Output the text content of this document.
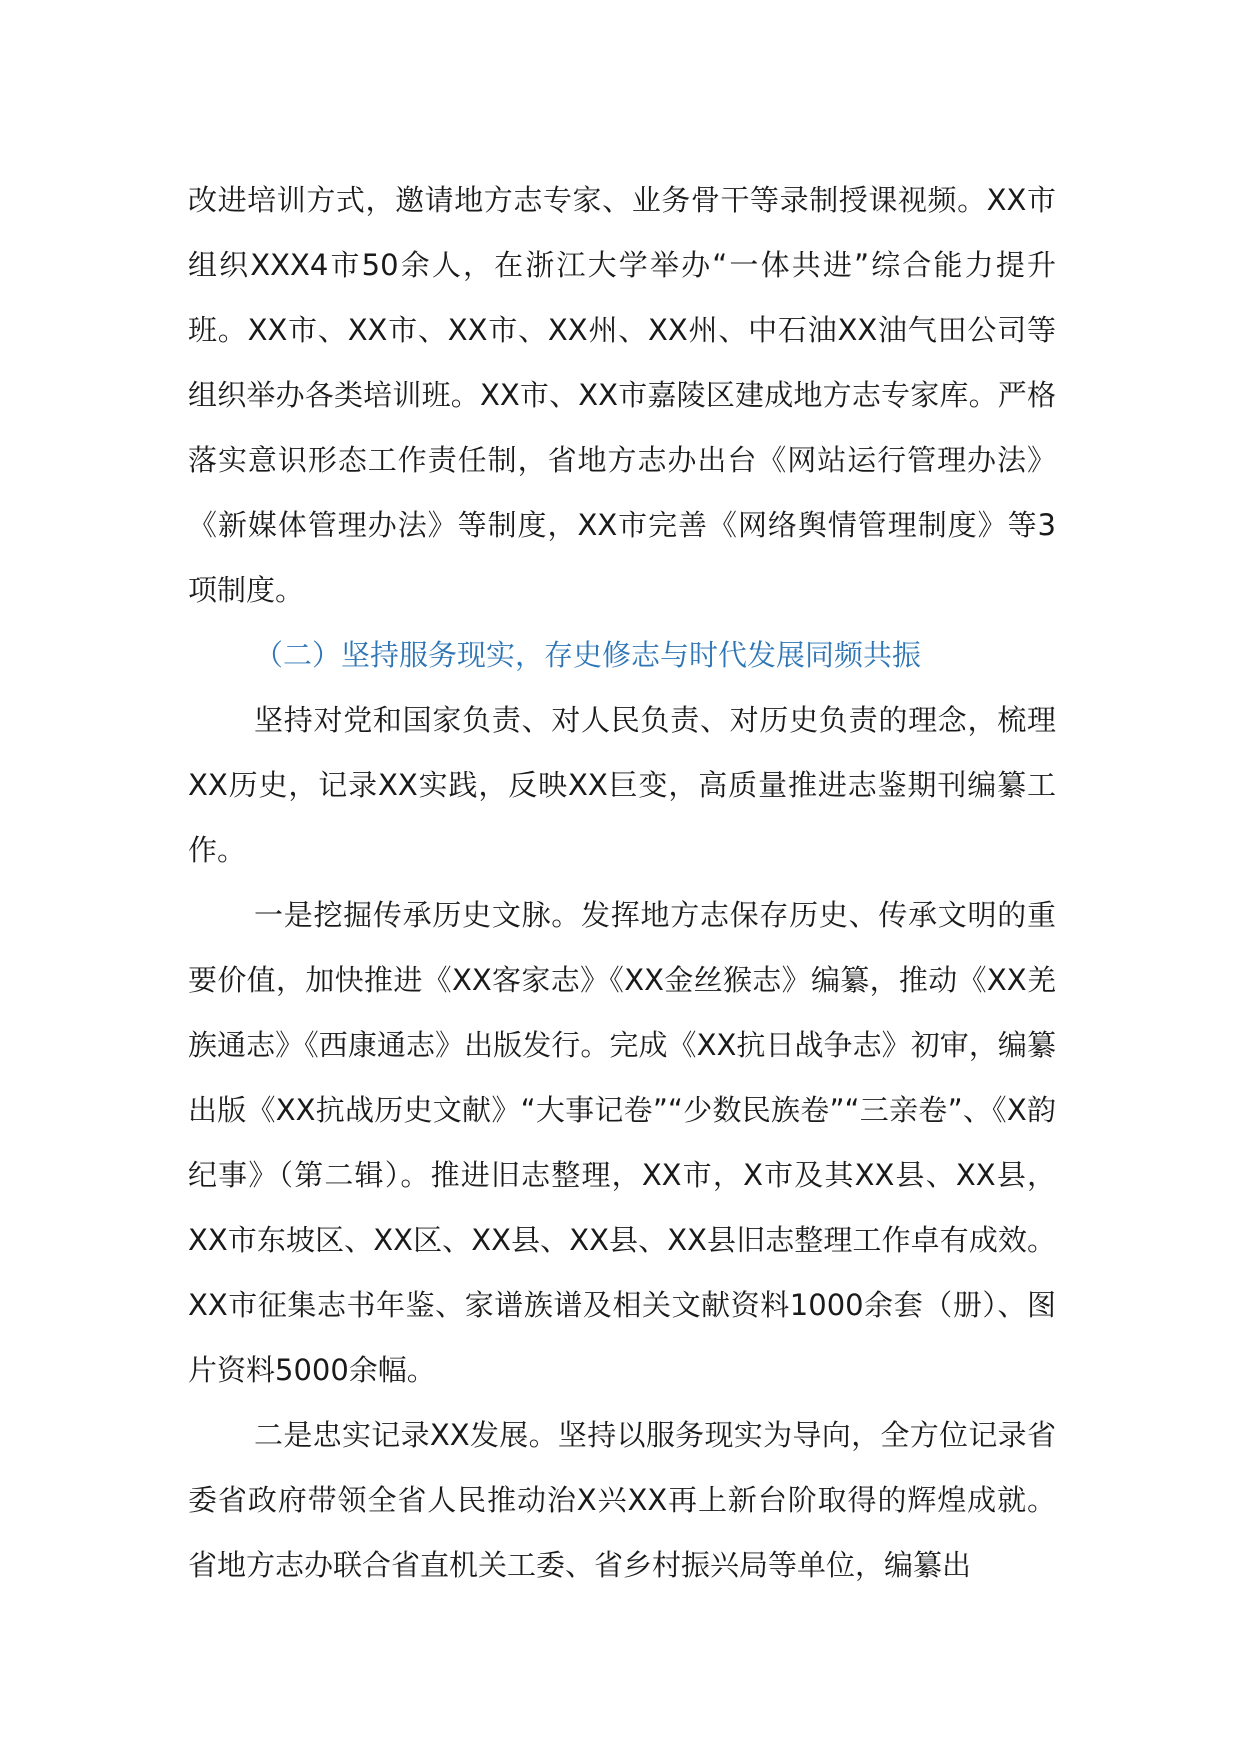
改进培训方式，邀请地方志专家、业务骨干等录制授课视频。XX市组织XXX4市50余人，在浙江大学举办“一体共进”综合能力提升班。XX市、XX市、XX市、XX州、XX州、中石油XX油气田公司等组织举办各类培训班。XX市、XX市嘉陵区建成地方志专家库。严格落实意识形态工作责任制，省地方志办出台《网站运行管理办法》《新媒体管理办法》等制度，XX市完善《网络舆情管理制度》等3项制度。

（二）坚持服务现实，存史修志与时代发展同频共振

坚持对党和国家负责、对人民负责、对历史负责的理念，梳理XX历史，记录XX实践，反映XX巨变，高质量推进志鉴期刊编纂工作。

一是挖掘传承历史文脉。发挥地方志保存历史、传承文明的重要价值，加快推进《XX客家志》《XX金丝猴志》编纂，推动《XX羌族通志》《西康通志》出版发行。完成《XX抗日战争志》初审，编纂出版《XX抗战历史文献》“大事记卷”“少数民族卷”“三亲卷”、《X韵纪事》（第二辑）。推进旧志整理，XX市，X市及其XX县、XX县，XX市东坡区、XX区、XX县、XX县、XX县旧志整理工作卓有成效。XX市征集志书年鉴、家谱族谱及相关文献资料1000余套（册）、图片资料5000余幅。

二是忠实记录XX发展。坚持以服务现实为导向，全方位记录省委省政府带领全省人民推动治X兴XX再上新台阶取得的辉煌成就。省地方志办联合省直机关工委、省乡村振兴局等单位，编纂出
